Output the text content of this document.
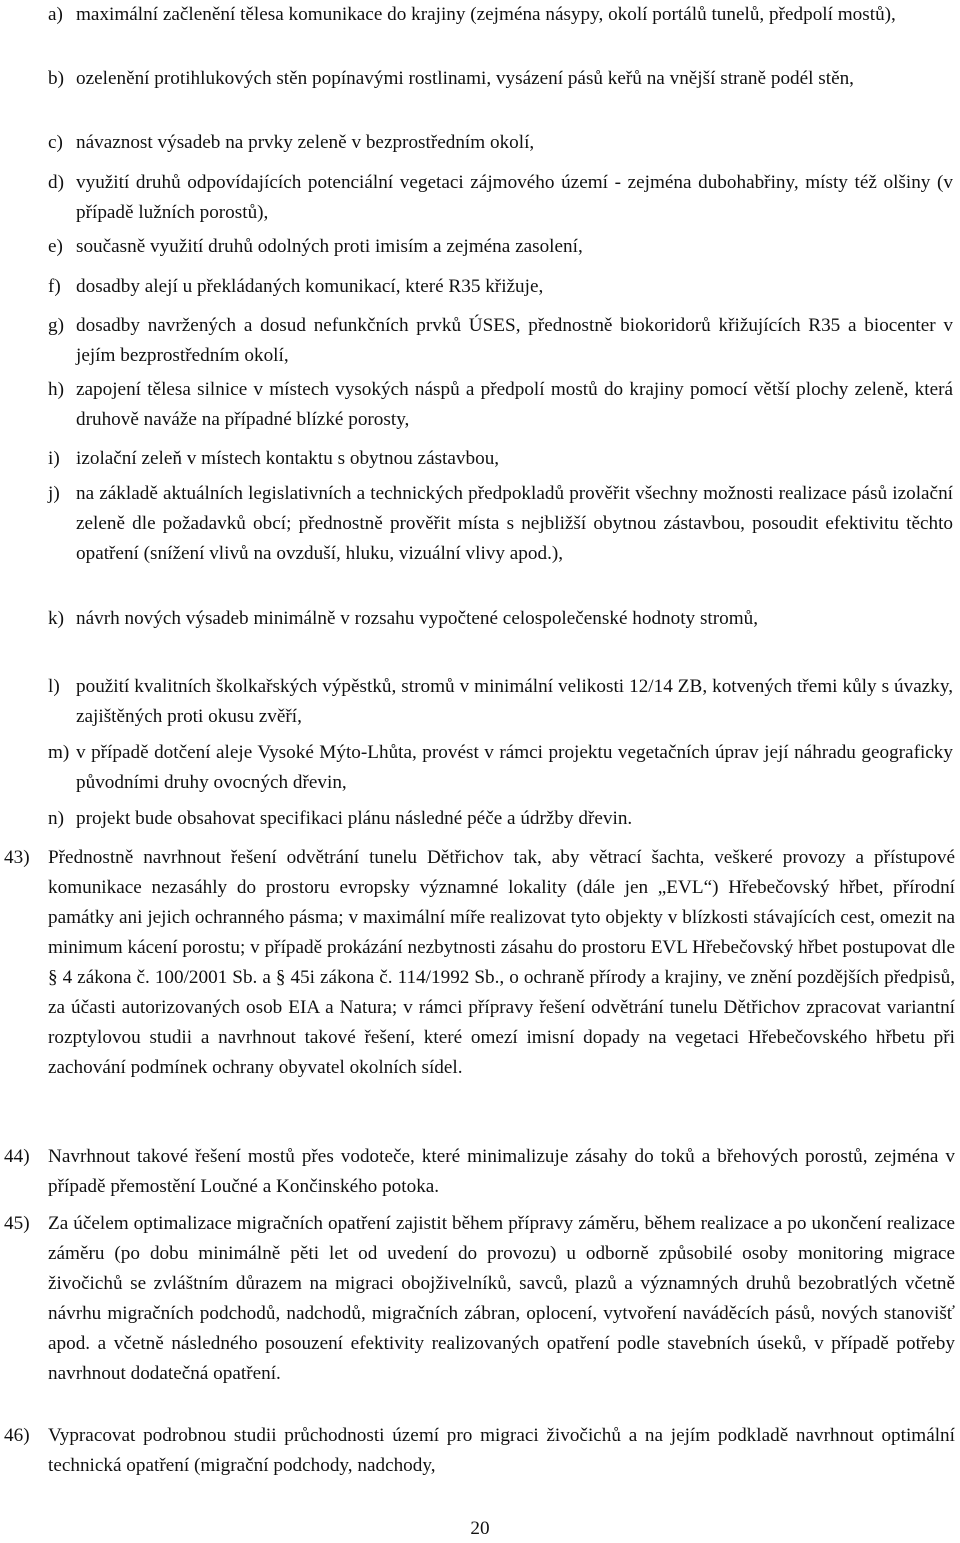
a) maximální začlenění tělesa komunikace do krajiny (zejména násypy, okolí portálů tunelů, předpolí mostů),
b) ozelenění protihlukových stěn popínavými rostlinami, vysázení pásů keřů na vnější straně podél stěn,
c) návaznost výsadeb na prvky zeleně v bezprostředním okolí,
d) využití druhů odpovídajících potenciální vegetaci zájmového území - zejména dubohabřiny, místy též olšiny (v případě lužních porostů),
e) současně využití druhů odolných proti imisím a zejména zasolení,
f) dosadby alejí u překládaných komunikací, které R35 křižuje,
g) dosadby navržených a dosud nefunkčních prvků ÚSES, přednostně biokoridorů křižujících R35 a biocenter v jejím bezprostředním okolí,
h) zapojení tělesa silnice v místech vysokých náspů a předpolí mostů do krajiny pomocí větší plochy zeleně, která druhově naváže na případné blízké porosty,
i) izolační zeleň v místech kontaktu s obytnou zástavbou,
j) na základě aktuálních legislativních a technických předpokladů prověřit všechny možnosti realizace pásů izolační zeleně dle požadavků obcí; přednostně prověřit místa s nejbližší obytnou zástavbou, posoudit efektivitu těchto opatření (snížení vlivů na ovzduší, hluku, vizuální vlivy apod.),
k) návrh nových výsadeb minimálně v rozsahu vypočtené celospolečenské hodnoty stromů,
l) použití kvalitních školkařských výpěstků, stromů v minimální velikosti 12/14 ZB, kotvených třemi kůly s úvazky, zajištěných proti okusu zvěří,
m) v případě dotčení aleje Vysoké Mýto-Lhůta, provést v rámci projektu vegetačních úprav její náhradu geograficky původními druhy ovocných dřevin,
n) projekt bude obsahovat specifikaci plánu následné péče a údržby dřevin.
43) Přednostně navrhnout řešení odvětrání tunelu Dětřichov tak, aby větrací šachta, veškeré provozy a přístupové komunikace nezasáhly do prostoru evropsky významné lokality (dále jen „EVL“) Hřebečovský hřbet, přírodní památky ani jejich ochranného pásma; v maximální míře realizovat tyto objekty v blízkosti stávajících cest, omezit na minimum kácení porostu; v případě prokázání nezbytnosti zásahu do prostoru EVL Hřebečovský hřbet postupovat dle § 4 zákona č. 100/2001 Sb. a § 45i zákona č. 114/1992 Sb., o ochraně přírody a krajiny, ve znění pozdějších předpisů, za účasti autorizovaných osob EIA a Natura; v rámci přípravy řešení odvětrání tunelu Dětřichov zpracovat variantní rozptylovou studii a navrhnout takové řešení, které omezí imisní dopady na vegetaci Hřebečovského hřbetu při zachování podmínek ochrany obyvatel okolních sídel.
44) Navrhnout takové řešení mostů přes vodoteče, které minimalizuje zásahy do toků a břehových porostů, zejména v případě přemostění Loučné a Končinského potoka.
45) Za účelem optimalizace migračních opatření zajistit během přípravy záměru, během realizace a po ukončení realizace záměru (po dobu minimálně pěti let od uvedení do provozu) u odborně způsobilé osoby monitoring migrace živočichů se zvláštním důrazem na migraci obojživelníků, savců, plazů a významných druhů bezobratlých včetně návrhu migračních podchodů, nadchodů, migračních zábran, oplocení, vytvoření naváděcích pásů, nových stanovišť apod. a včetně následného posouzení efektivity realizovaných opatření podle stavebních úseků, v případě potřeby navrhnout dodatečná opatření.
46) Vypracovat podrobnou studii průchodnosti území pro migraci živočichů a na jejím podkladě navrhnout optimální technická opatření (migrační podchody, nadchody,
20
